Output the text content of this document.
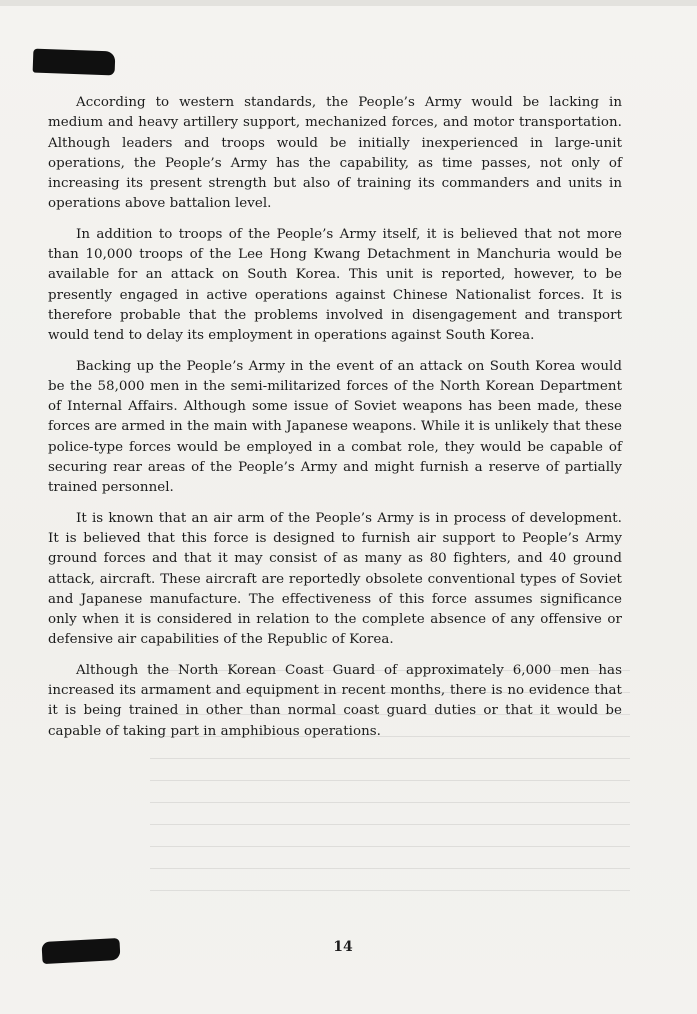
According to western standards, the People’s Army would be lacking in medium and heavy artillery support, mechanized forces, and motor transportation. Although leaders and troops would be initially inexperienced in large-unit operations, the People’s Army has the capability, as time passes, not only of increasing its present strength but also of training its commanders and units in operations above battalion level.

In addition to troops of the People’s Army itself, it is believed that not more than 10,000 troops of the Lee Hong Kwang Detachment in Manchuria would be available for an attack on South Korea. This unit is reported, however, to be presently engaged in active operations against Chinese Nationalist forces. It is therefore probable that the problems involved in disengagement and transport would tend to delay its employment in operations against South Korea.

Backing up the People’s Army in the event of an attack on South Korea would be the 58,000 men in the semi-militarized forces of the North Korean Department of Internal Affairs. Although some issue of Soviet weapons has been made, these forces are armed in the main with Japanese weapons. While it is unlikely that these police-type forces would be employed in a combat role, they would be capable of securing rear areas of the People’s Army and might furnish a reserve of partially trained personnel.

It is known that an air arm of the People’s Army is in process of development. It is believed that this force is designed to furnish air support to People’s Army ground forces and that it may consist of as many as 80 fighters, and 40 ground attack, aircraft. These aircraft are reportedly obsolete conventional types of Soviet and Japanese manufacture. The effectiveness of this force assumes significance only when it is considered in relation to the complete absence of any offensive or defensive air capabilities of the Republic of Korea.

Although the North Korean Coast Guard of approximately 6,000 men has increased its armament and equipment in recent months, there is no evidence that it is being trained in other than normal coast guard duties or that it would be capable of taking part in amphibious operations.

14
